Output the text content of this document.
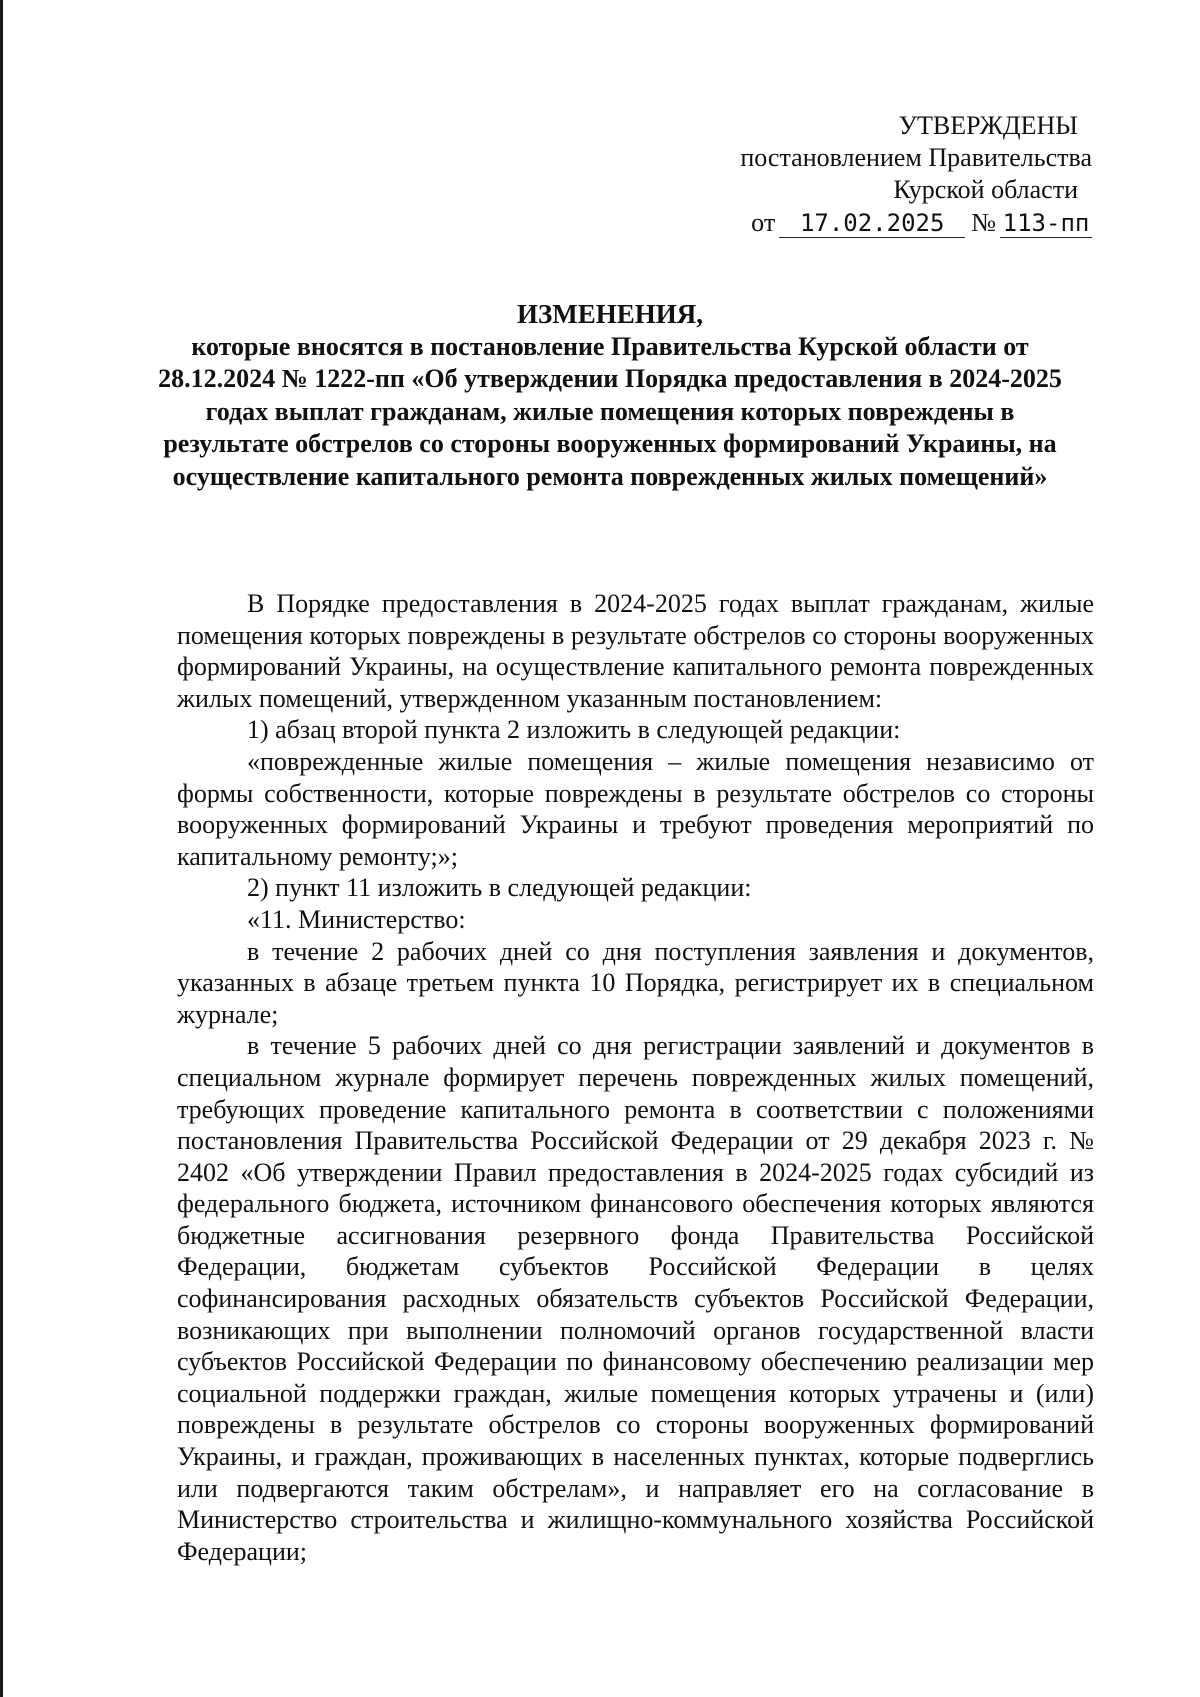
УТВЕРЖДЕНЫ
постановлением Правительства
Курской области
от 17.02.2025 № 113-пп
ИЗМЕНЕНИЯ,
которые вносятся в постановление Правительства Курской области от 28.12.2024 № 1222-пп «Об утверждении Порядка предоставления в 2024-2025 годах выплат гражданам, жилые помещения которых повреждены в результате обстрелов со стороны вооруженных формирований Украины, на осуществление капитального ремонта поврежденных жилых помещений»

В Порядке предоставления в 2024-2025 годах выплат гражданам, жилые помещения которых повреждены в результате обстрелов со стороны вооруженных формирований Украины, на осуществление капитального ремонта поврежденных жилых помещений, утвержденном указанным постановлением:

1) абзац второй пункта 2 изложить в следующей редакции:

«поврежденные жилые помещения – жилые помещения независимо от формы собственности, которые повреждены в результате обстрелов со стороны вооруженных формирований Украины и требуют проведения мероприятий по капитальному ремонту;»;

2) пункт 11 изложить в следующей редакции:

«11. Министерство:

в течение 2 рабочих дней со дня поступления заявления и документов, указанных в абзаце третьем пункта 10 Порядка, регистрирует их в специальном журнале;

в течение 5 рабочих дней со дня регистрации заявлений и документов в специальном журнале формирует перечень поврежденных жилых помещений, требующих проведение капитального ремонта в соответствии с положениями постановления Правительства Российской Федерации от 29 декабря 2023 г. № 2402 «Об утверждении Правил предоставления в 2024-2025 годах субсидий из федерального бюджета, источником финансового обеспечения которых являются бюджетные ассигнования резервного фонда Правительства Российской Федерации, бюджетам субъектов Российской Федерации в целях софинансирования расходных обязательств субъектов Российской Федерации, возникающих при выполнении полномочий органов государственной власти субъектов Российской Федерации по финансовому обеспечению реализации мер социальной поддержки граждан, жилые помещения которых утрачены и (или) повреждены в результате обстрелов со стороны вооруженных формирований Украины, и граждан, проживающих в населенных пунктах, которые подверглись или подвергаются таким обстрелам», и направляет его на согласование в Министерство строительства и жилищно-коммунального хозяйства Российской Федерации;
